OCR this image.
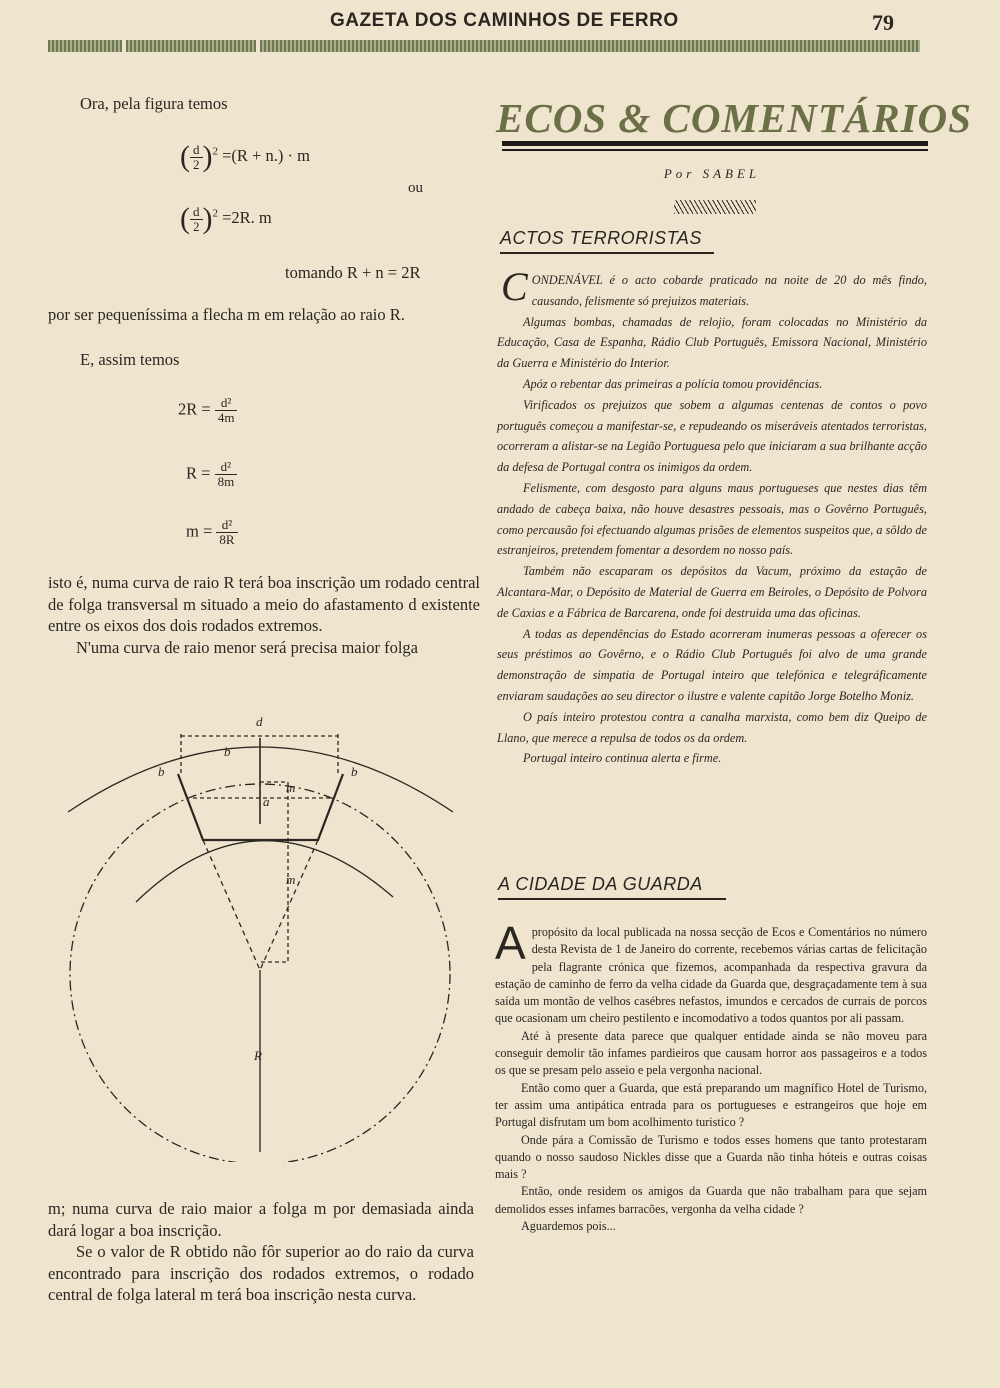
GAZETA DOS CAMINHOS DE FERRO	79
Ora, pela figura temos
( $\frac{d}{2} )^2 =(R + n.) \cdot m$
ou
( $\frac{d}{2} )^2 =2R$. m
tomando R + n = 2R
por ser pequeníssima a flecha m em relação ao raio R.
E, assim temos
$2R = \frac{\text{d²}}{4m}$
$R = \frac{\text{d²}}{8m}$
$m = \frac{\text{d²}}{8R}$

isto é, numa curva de raio R terá boa inscrição um rodado central de folga transversal m situado a meio do afastamento d existente entre os eixos dos dois rodados extremos.

N'uma curva de raio menor será precisa maior folga

d
b
b
b
a
m
m
R

m; numa curva de raio maior a folga m por demasiada ainda dará logar a boa inscrição.

Se o valor de R obtido não fôr superior ao do raio da curva encontrado para inscrição dos rodados extremos, o rodado central de folga lateral m terá boa inscrição nesta curva.

ECOS & COMENTÁRIOS
Por SABEL
ACTOS TERRORISTAS

CONDENÁVEL é o acto cobarde praticado na noite de 20 do mês findo, causando, felismente só prejuizos materiais.

Algumas bombas, chamadas de relojio, foram colocadas no Ministério da Educação, Casa de Espanha, Rádio Club Português, Emissora Nacional, Ministério da Guerra e Ministério do Interior.

Apóz o rebentar das primeiras a polícia tomou providências.

Virificados os prejuizos que sobem a algumas centenas de contos o povo português começou a manifestar-se, e repudeando os miseráveis atentados terroristas, ocorreram a alistar-se na Legião Portuguesa pelo que iniciaram a sua brilhante acção da defesa de Portugal contra os inimigos da ordem.

Felismente, com desgosto para alguns maus portugueses que nestes dias têm andado de cabeça baixa, não houve desastres pessoais, mas o Govêrno Português, como percausão foi efectuando algumas prisões de elementos suspeitos que, a sôldo de estranjeiros, pretendem fomentar a desordem no nosso país.

Também não escaparam os depósitos da Vacum, próximo da estação de Alcantara-Mar, o Depósito de Material de Guerra em Beiroles, o Depósito de Polvora de Caxias e a Fábrica de Barcarena, onde foi destruida uma das oficinas.

A todas as dependências do Estado acorreram inumeras pessoas a oferecer os seus préstimos ao Govêrno, e o Rádio Club Português foi alvo de uma grande demonstração de simpatia de Portugal inteiro que telefónica e telegráficamente enviaram saudações ao seu director o ilustre e valente capitão Jorge Botelho Moniz.

O país inteiro protestou contra a canalha marxista, como bem diz Queipo de Llano, que merece a repulsa de todos os da ordem.

Portugal inteiro continua alerta e firme.

A CIDADE DA GUARDA

Apropósito da local publicada na nossa secção de Ecos e Comentários no número desta Revista de 1 de Janeiro do corrente, recebemos várias cartas de felicitação pela flagrante crónica que fizemos, acompanhada da respectiva gravura da estação de caminho de ferro da velha cidade da Guarda que, desgraçadamente tem à sua saída um montão de velhos casébres nefastos, imundos e cercados de currais de porcos que ocasionam um cheiro pestilento e incomodativo a todos quantos por ali passam.

Até à presente data parece que qualquer entidade ainda se não moveu para conseguir demolir tão infames pardieiros que causam horror aos passageiros e a todos os que se presam pelo asseio e pela vergonha nacional.

Então como quer a Guarda, que está preparando um magnífico Hotel de Turismo, ter assim uma antipática entrada para os portugueses e estrangeiros que hoje em Portugal disfrutam um bom acolhimento turistico ?

Onde pára a Comissão de Turismo e todos esses homens que tanto protestaram quando o nosso saudoso Nickles disse que a Guarda não tinha hóteis e outras coisas mais ?

Então, onde residem os amigos da Guarda que não trabalham para que sejam demolidos esses infames barracões, vergonha da velha cidade ?

Aguardemos pois...
